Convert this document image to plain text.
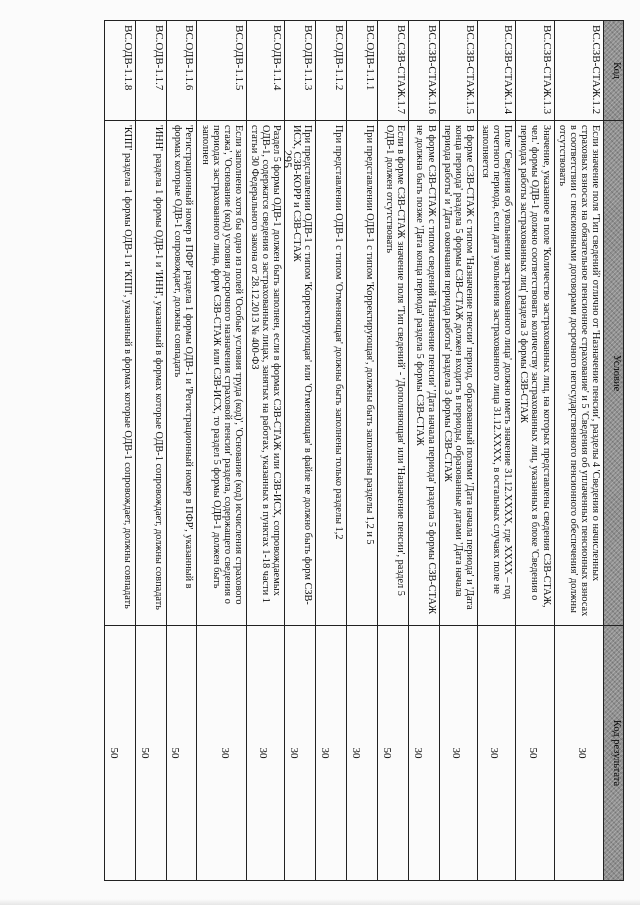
295
Код	Условие	Код результата
ВС.СЗВ-СТАЖ.1.2	Если значение поля 'Тип сведений' отлично от 'Назначение пенсии', разделы 4 'Сведения о начисленных страховых взносах на обязательное пенсионное страхование' и 5 'Сведения об уплаченных пенсионных взносах в соответствии с пенсионными договорами досрочного негосударственного пенсионного обеспечения' должны отсутствовать	30
ВС.СЗВ-СТАЖ.1.3	Значение, указанное в поле 'Количество застрахованных лиц, на которых представлены сведения СЗВ-СТАЖ, чел.' формы ОДВ-1 должно соответствовать количеству застрахованных лиц, указанных в блоке 'Сведения о периодах работы застрахованных лиц' раздела 3 формы СЗВ-СТАЖ	50
ВС.СЗВ-СТАЖ.1.4	Поле 'Сведения об увольнении застрахованного лица' должно иметь значение 31.12.XXXX, где XXXX – год отчетного периода, если дата увольнения застрахованного лица 31.12.XXXX, в остальных случаях поле не заполняется	30
ВС.СЗВ-СТАЖ.1.5	В форме СЗВ-СТАЖ с типом 'Назначение пенсии' период, образованный полями 'Дата начала периода' и 'Дата конца периода' раздела 5 формы СЗВ-СТАЖ должен входить в периоды, образованные датами 'Дата начала периода работы' и 'Дата окончания периода работы' раздела 3 формы СЗВ-СТАЖ	30
ВС.СЗВ-СТАЖ.1.6	В форме СЗВ-СТАЖ с типом сведений 'Назначение пенсии' 'Дата начала периода' раздела 5 формы СЗВ-СТАЖ не должна быть позже 'Дата конца периода' раздела 5 формы СЗВ-СТАЖ	30
ВС.СЗВ-СТАЖ.1.7	Если в форме СЗВ-СТАЖ значение поля 'Тип сведений' - 'Дополняющая' или 'Назначение пенсии', раздел 5 ОДВ-1 должен отсутствовать	50
ВС.ОДВ-1.1.1	При представлении ОДВ-1 с типом 'Корректирующая', должны быть заполнены разделы 1,2 и 5	30
ВС.ОДВ-1.1.2	При представлении ОДВ-1 с типом 'Отменяющая' должны быть заполнены только разделы 1,2	30
ВС.ОДВ-1.1.3	При представлении ОДВ-1 с типом 'Корректирующая' или 'Отменяющая' в файле не должно быть форм СЗВ-ИСХ, СЗВ-КОРР и СЗВ-СТАЖ	30
ВС.ОДВ-1.1.4	Раздел 5 формы ОДВ-1 должен быть заполнен, если в формах СЗВ-СТАЖ или СЗВ-ИСХ, сопровождаемых ОДВ-1, содержатся сведения о застрахованных лицах, занятых на работах, указанных в пунктах 1-18 части 1 статьи 30 Федерального закона от 28.12.2013 № 400-ФЗ	30
ВС.ОДВ-1.1.5	Если заполнено хотя бы одно из полей 'Особые условия труда (код)', 'Основание (код) исчисления страхового стажа', 'Основание (код) условия досрочного назначения страховой пенсии' раздела, содержащего сведения о периодах застрахованного лица, форм СЗВ-СТАЖ или СЗВ-ИСХ, то раздел 5 формы ОДВ-1 должен быть заполнен	30
ВС.ОДВ-1.1.6	'Регистрационный номер в ПФР' раздела 1 формы ОДВ-1 и 'Регистрационный номер в ПФР', указанный в формах которые ОДВ-1 сопровождает, должны совпадать	50
ВС.ОДВ-1.1.7	'ИНН' раздела 1 формы ОДВ-1 и 'ИНН', указанный в формах которые ОДВ-1 сопровождает, должны совпадать	50
ВС.ОДВ-1.1.8	'КПП' раздела 1 формы ОДВ-1 и 'КПП', указанный в формах которые ОДВ-1 сопровождает, должны совпадать	50
